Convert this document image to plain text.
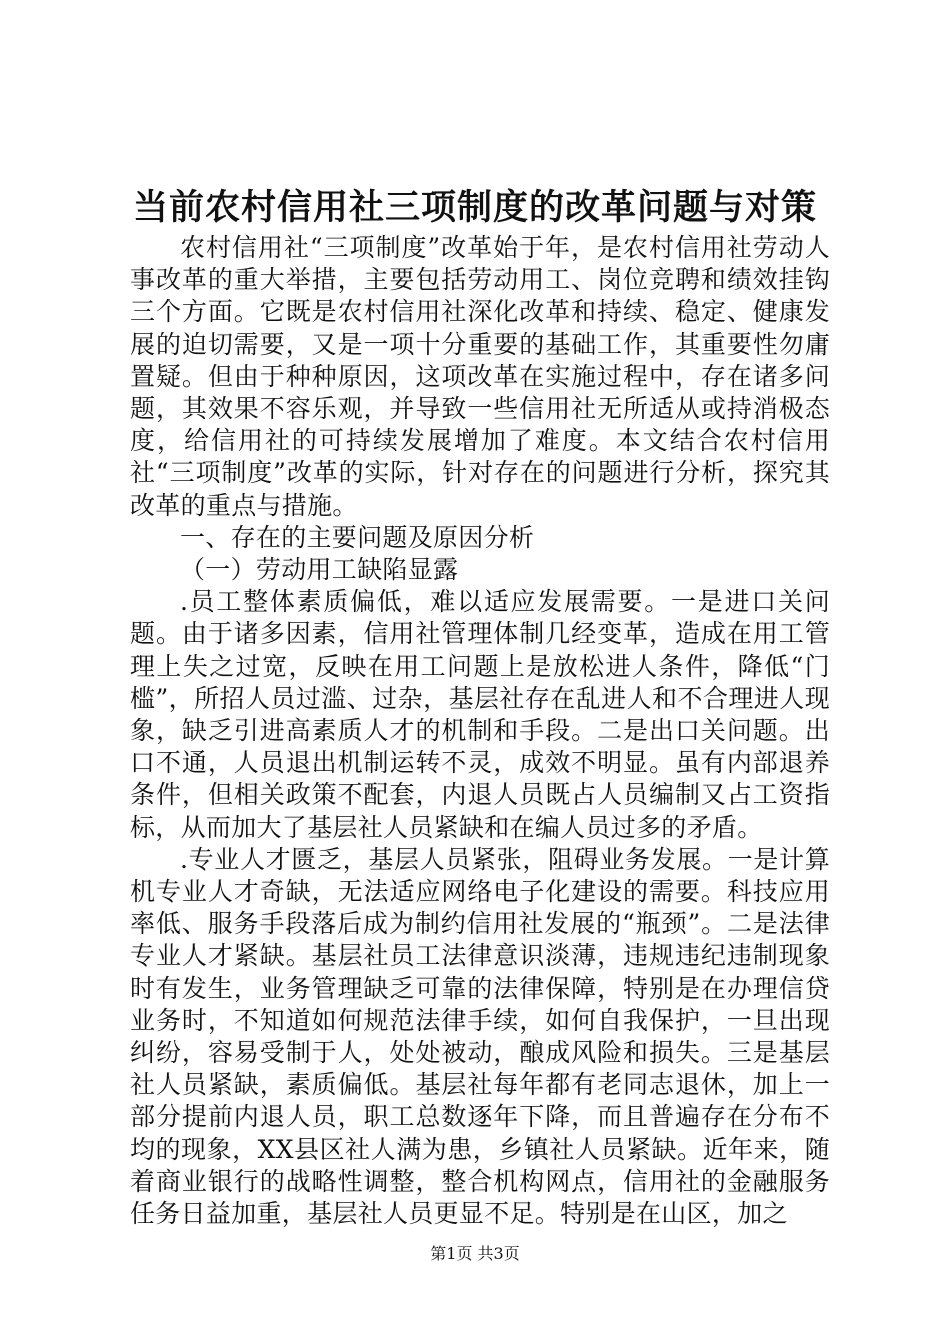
当前农村信用社三项制度的改革问题与对策

农村信用社“三项制度”改革始于年，是农村信用社劳动人事改革的重大举措，主要包括劳动用工、岗位竞聘和绩效挂钩三个方面。它既是农村信用社深化改革和持续、稳定、健康发展的迫切需要，又是一项十分重要的基础工作，其重要性勿庸置疑。但由于种种原因，这项改革在实施过程中，存在诸多问题，其效果不容乐观，并导致一些信用社无所适从或持消极态度，给信用社的可持续发展增加了难度。本文结合农村信用社“三项制度”改革的实际，针对存在的问题进行分析，探究其改革的重点与措施。

一、存在的主要问题及原因分析

（一）劳动用工缺陷显露

.员工整体素质偏低，难以适应发展需要。一是进口关问题。由于诸多因素，信用社管理体制几经变革，造成在用工管理上失之过宽，反映在用工问题上是放松进人条件，降低“门槛”，所招人员过滥、过杂，基层社存在乱进人和不合理进人现象，缺乏引进高素质人才的机制和手段。二是出口关问题。出口不通，人员退出机制运转不灵，成效不明显。虽有内部退养条件，但相关政策不配套，内退人员既占人员编制又占工资指标，从而加大了基层社人员紧缺和在编人员过多的矛盾。

.专业人才匮乏，基层人员紧张，阻碍业务发展。一是计算机专业人才奇缺，无法适应网络电子化建设的需要。科技应用率低、服务手段落后成为制约信用社发展的“瓶颈”。二是法律专业人才紧缺。基层社员工法律意识淡薄，违规违纪违制现象时有发生，业务管理缺乏可靠的法律保障，特别是在办理信贷业务时，不知道如何规范法律手续，如何自我保护，一旦出现纠纷，容易受制于人，处处被动，酿成风险和损失。三是基层社人员紧缺，素质偏低。基层社每年都有老同志退休，加上一部分提前内退人员，职工总数逐年下降，而且普遍存在分布不均的现象，XX县区社人满为患，乡镇社人员紧缺。近年来，随着商业银行的战略性调整，整合机构网点，信用社的金融服务任务日益加重，基层社人员更显不足。特别是在山区，加之

第1页 共3页
